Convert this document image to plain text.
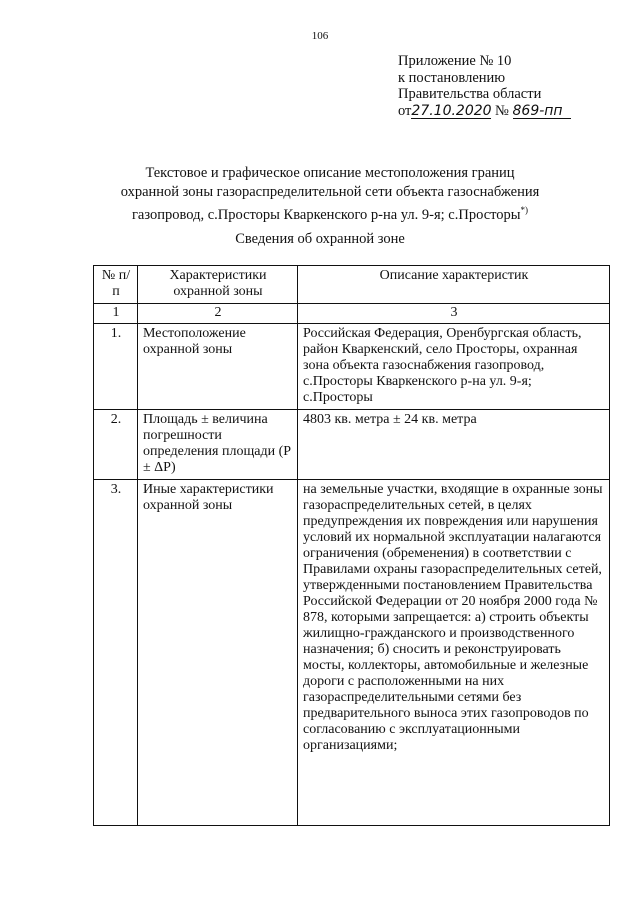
106
Приложение № 10
к постановлению
Правительства области
от27.10.2020 № 869-пп
Текстовое и графическое описание местоположения границ
охранной зоны газораспределительной сети объекта газоснабжения
газопровод, с.Просторы Кваркенского р-на ул. 9-я; с.Просторы*)
Сведения об охранной зоне
№ п/п	Характеристики охранной зоны	Описание характеристик
1	2	3
1.	Местоположение охранной зоны	Российская Федерация, Оренбургская область, район Кваркенский, село Просторы, охранная зона объекта газоснабжения газопровод, с.Просторы Кваркенского р-на ул. 9-я; с.Просторы
2.	Площадь ± величина погрешности определения площади (P ± ΔP)	4803 кв. метра ± 24 кв. метра
3.	Иные характеристики охранной зоны	на земельные участки, входящие в охранные зоны газораспределительных сетей, в целях предупреждения их повреждения или нарушения условий их нормальной эксплуатации налагаются ограничения (обременения) в соответствии с Правилами охраны газораспределительных сетей, утвержденными постановлением Правительства Российской Федерации от 20 ноября 2000 года № 878, которыми запрещается: а) строить объекты жилищно-гражданского и производственного назначения; б) сносить и реконструировать мосты, коллекторы, автомобильные и железные дороги с расположенными на них газораспределительными сетями без предварительного выноса этих газопроводов по согласованию с эксплуатационными организациями;
